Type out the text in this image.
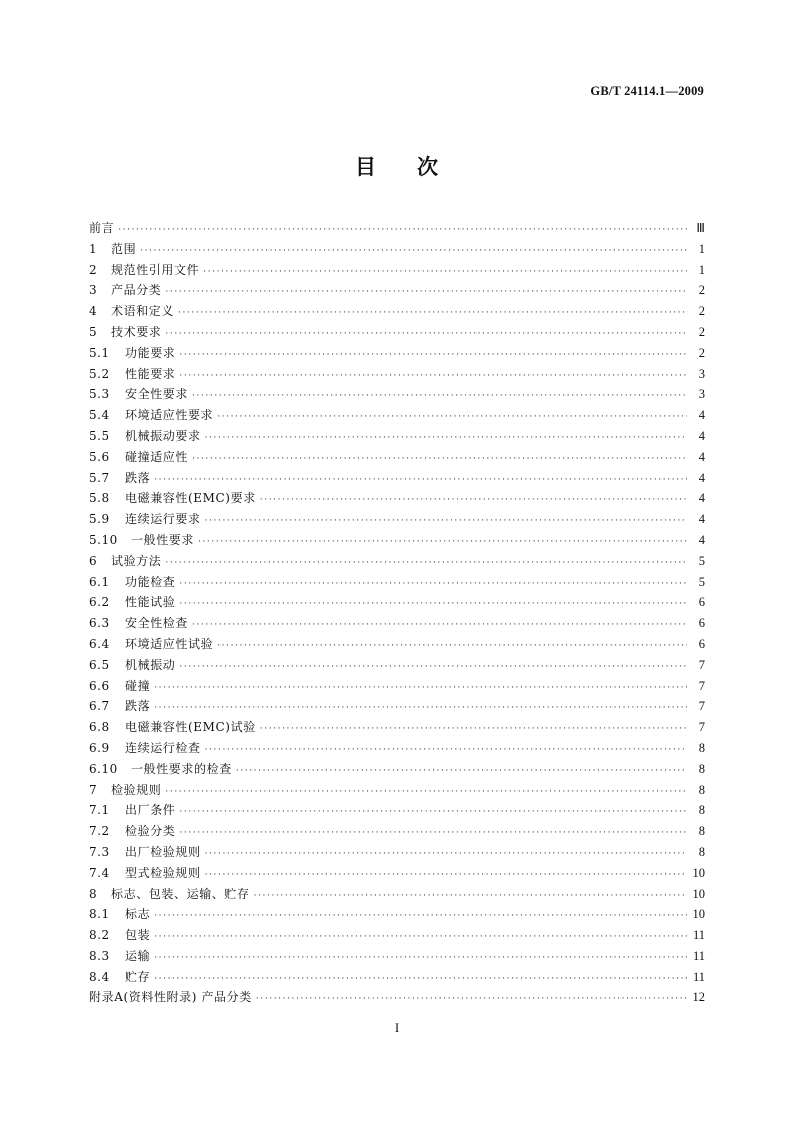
GB/T 24114.1—2009
目 次
前言 ·····	Ⅲ
1	范围 ·····	1
2	规范性引用文件 ·····	1
3	产品分类 ·····	2
4	术语和定义 ·····	2
5	技术要求 ·····	2
5.1	功能要求 ·····	2
5.2	性能要求 ·····	3
5.3	安全性要求 ·····	3
5.4	环境适应性要求 ·····	4
5.5	机械振动要求 ·····	4
5.6	碰撞适应性 ·····	4
5.7	跌落 ·····	4
5.8	电磁兼容性(EMC)要求 ·····	4
5.9	连续运行要求 ·····	4
5.10	一般性要求 ·····	4
6	试验方法 ·····	5
6.1	功能检查 ·····	5
6.2	性能试验 ·····	6
6.3	安全性检查 ·····	6
6.4	环境适应性试验 ·····	6
6.5	机械振动 ·····	7
6.6	碰撞 ·····	7
6.7	跌落 ·····	7
6.8	电磁兼容性(EMC)试验 ·····	7
6.9	连续运行检查 ·····	8
6.10	一般性要求的检查 ·····	8
7	检验规则 ·····	8
7.1	出厂条件 ·····	8
7.2	检验分类 ·····	8
7.3	出厂检验规则 ·····	8
7.4	型式检验规则 ·····	10
8	标志、包装、运输、贮存 ·····	10
8.1	标志 ·····	10
8.2	包装 ·····	11
8.3	运输 ·····	11
8.4	贮存 ·····	11
附录A(资料性附录) 产品分类 ·····	12
I
